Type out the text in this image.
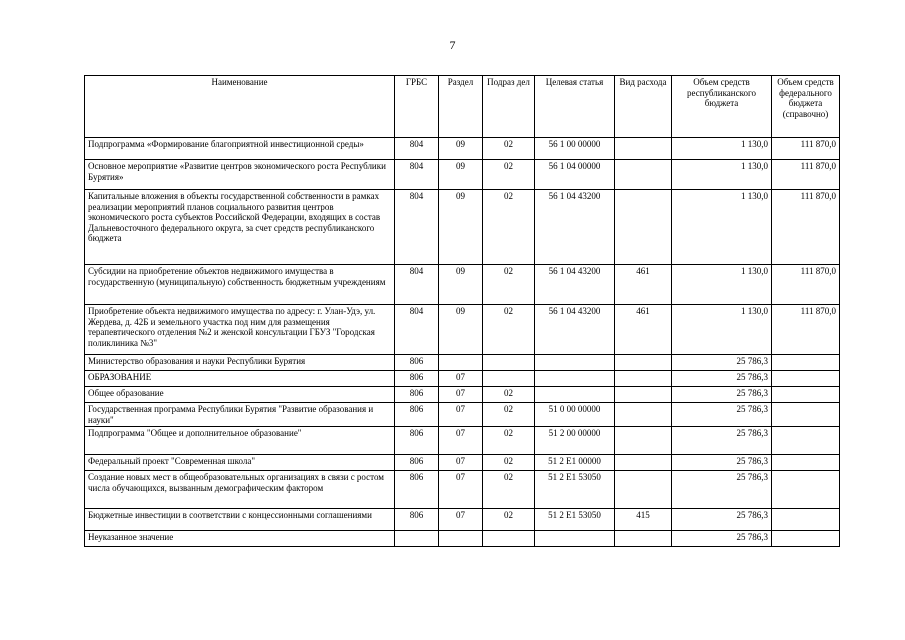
7
Наименование	ГРБС	Раздел	Подраз дел	Целевая статья	Вид расхода	Объем средств республиканского бюджета	Объем средств федерального бюджета (справочно)
Подпрограмма «Формирование благоприятной инвестиционной среды»	804	09	02	56 1 00 00000		1 130,0	111 870,0
Основное мероприятие «Развитие центров экономического роста Республики Бурятия»	804	09	02	56 1 04 00000		1 130,0	111 870,0
Капитальные вложения в объекты государственной собственности в рамках реализации мероприятий планов социального развития центров экономического роста субъектов Российской Федерации, входящих в состав Дальневосточного федерального округа, за счет средств республиканского бюджета	804	09	02	56 1 04 43200		1 130,0	111 870,0
Субсидии на приобретение объектов недвижимого имущества в государственную (муниципальную) собственность бюджетным учреждениям	804	09	02	56 1 04 43200	461	1 130,0	111 870,0
Приобретение объекта недвижимого имущества по адресу: г. Улан-Удэ, ул. Жердева, д. 42Б и земельного участка под ним для размещения терапевтического отделения №2 и женской консультации ГБУЗ "Городская поликлиника №3"	804	09	02	56 1 04 43200	461	1 130,0	111 870,0
Министерство образования и науки Республики Бурятия	806					25 786,3	
ОБРАЗОВАНИЕ	806	07				25 786,3	
Общее образование	806	07	02			25 786,3	
Государственная программа Республики Бурятия "Развитие образования и науки"	806	07	02	51 0 00 00000		25 786,3	
Подпрограмма "Общее и дополнительное образование"	806	07	02	51 2 00 00000		25 786,3	
Федеральный проект "Современная школа"	806	07	02	51 2 E1 00000		25 786,3	
Создание новых мест в общеобразовательных организациях в связи с ростом числа обучающихся, вызванным демографическим фактором	806	07	02	51 2 E1 53050		25 786,3	
Бюджетные инвестиции в соответствии с концессионными соглашениями	806	07	02	51 2 E1 53050	415	25 786,3	
Неуказанное значение						25 786,3	
